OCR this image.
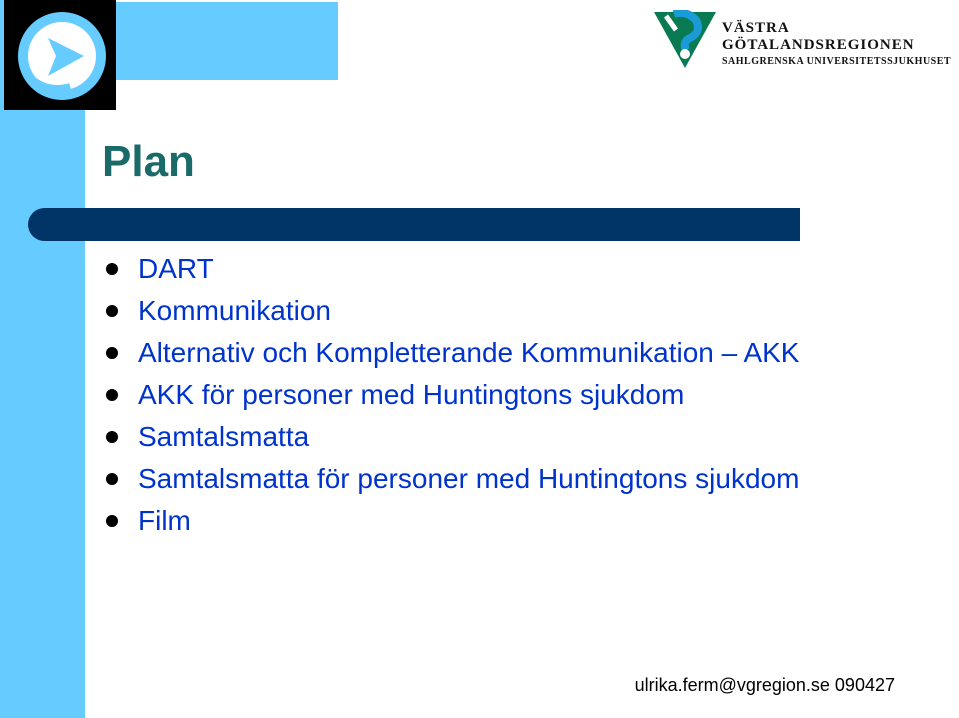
VÄSTRA
GÖTALANDSREGIONEN
SAHLGRENSKA UNIVERSITETSSJUKHUSET
Plan
DART
Kommunikation
Alternativ och Kompletterande Kommunikation – AKK
AKK för personer med Huntingtons sjukdom
Samtalsmatta
Samtalsmatta för personer med Huntingtons sjukdom
Film
ulrika.ferm@vgregion.se 090427
